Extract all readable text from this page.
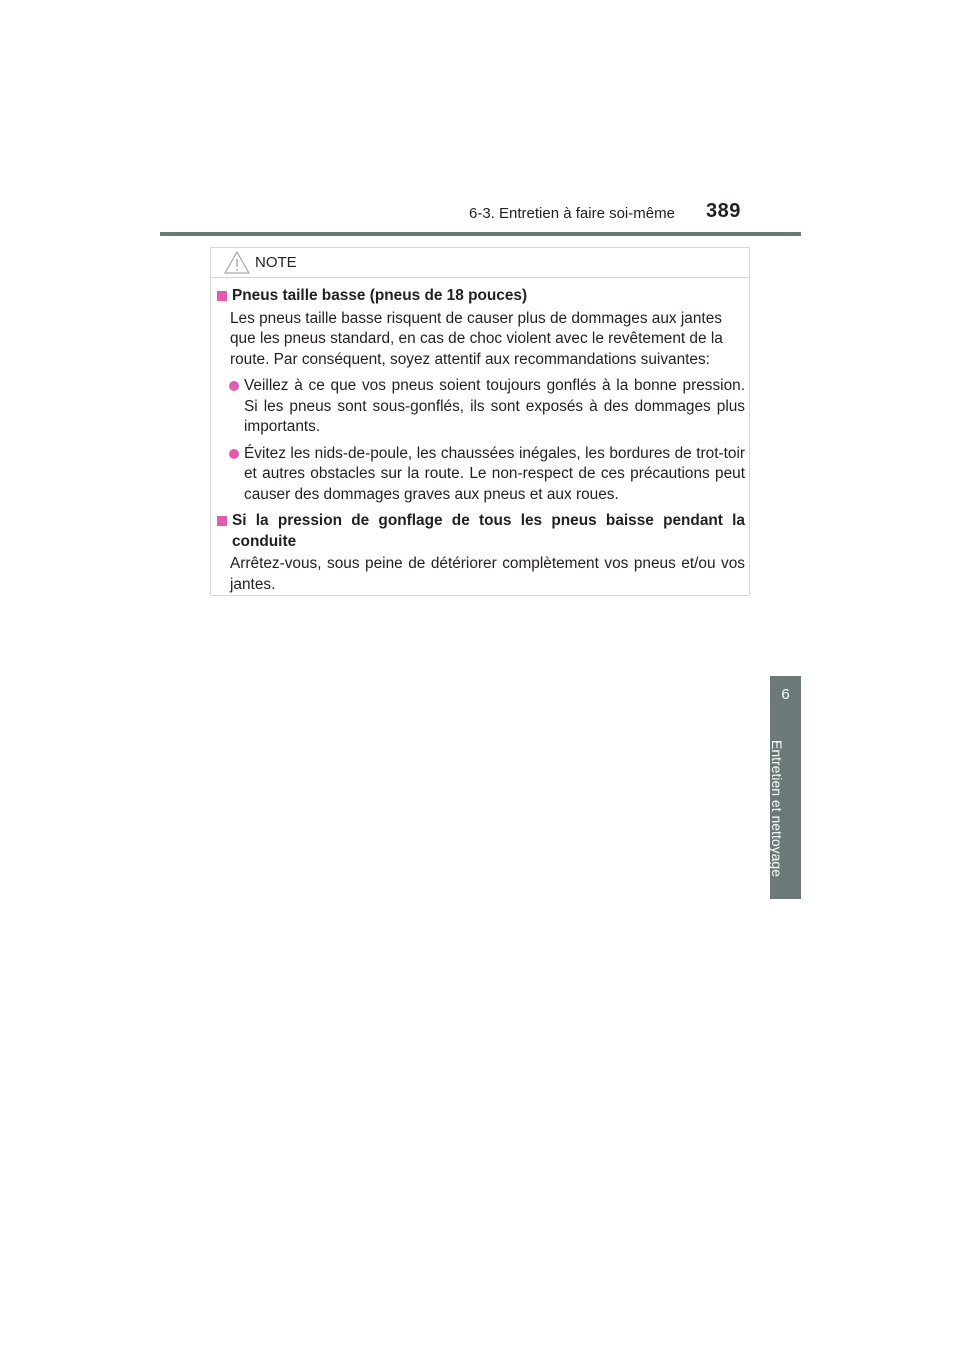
6-3. Entretien à faire soi-même 389
6
Entretien et nettoyage
NOTE
Pneus taille basse (pneus de 18 pouces)
Les pneus taille basse risquent de causer plus de dommages aux jantes que les pneus standard, en cas de choc violent avec le revêtement de la route. Par conséquent, soyez attentif aux recommandations suivantes:
Veillez à ce que vos pneus soient toujours gonflés à la bonne pression. Si les pneus sont sous-gonflés, ils sont exposés à des dommages plus importants.
Évitez les nids-de-poule, les chaussées inégales, les bordures de trot-toir et autres obstacles sur la route. Le non-respect de ces précautions peut causer des dommages graves aux pneus et aux roues.
Si la pression de gonflage de tous les pneus baisse pendant la conduite
Arrêtez-vous, sous peine de détériorer complètement vos pneus et/ou vos jantes.
